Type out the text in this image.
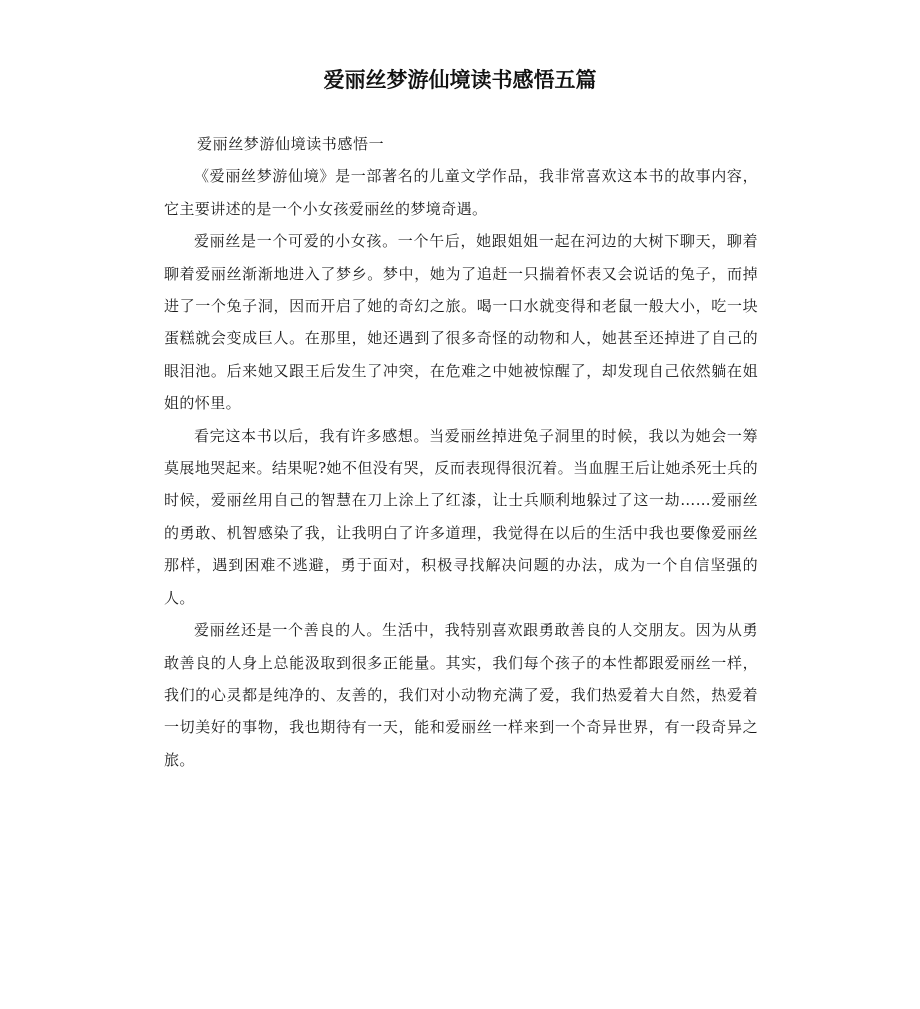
爱丽丝梦游仙境读书感悟五篇

爱丽丝梦游仙境读书感悟一

《爱丽丝梦游仙境》是一部著名的儿童文学作品，我非常喜欢这本书的故事内容，它主要讲述的是一个小女孩爱丽丝的梦境奇遇。

爱丽丝是一个可爱的小女孩。一个午后，她跟姐姐一起在河边的大树下聊天，聊着聊着爱丽丝渐渐地进入了梦乡。梦中，她为了追赶一只揣着怀表又会说话的兔子，而掉进了一个兔子洞，因而开启了她的奇幻之旅。喝一口水就变得和老鼠一般大小，吃一块蛋糕就会变成巨人。在那里，她还遇到了很多奇怪的动物和人，她甚至还掉进了自己的眼泪池。后来她又跟王后发生了冲突，在危难之中她被惊醒了，却发现自己依然躺在姐姐的怀里。

看完这本书以后，我有许多感想。当爱丽丝掉进兔子洞里的时候，我以为她会一筹莫展地哭起来。结果呢?她不但没有哭，反而表现得很沉着。当血腥王后让她杀死士兵的时候，爱丽丝用自己的智慧在刀上涂上了红漆，让士兵顺利地躲过了这一劫……爱丽丝的勇敢、机智感染了我，让我明白了许多道理，我觉得在以后的生活中我也要像爱丽丝那样，遇到困难不逃避，勇于面对，积极寻找解决问题的办法，成为一个自信坚强的人。

爱丽丝还是一个善良的人。生活中，我特别喜欢跟勇敢善良的人交朋友。因为从勇敢善良的人身上总能汲取到很多正能量。其实，我们每个孩子的本性都跟爱丽丝一样，我们的心灵都是纯净的、友善的，我们对小动物充满了爱，我们热爱着大自然，热爱着一切美好的事物，我也期待有一天，能和爱丽丝一样来到一个奇异世界，有一段奇异之旅。
